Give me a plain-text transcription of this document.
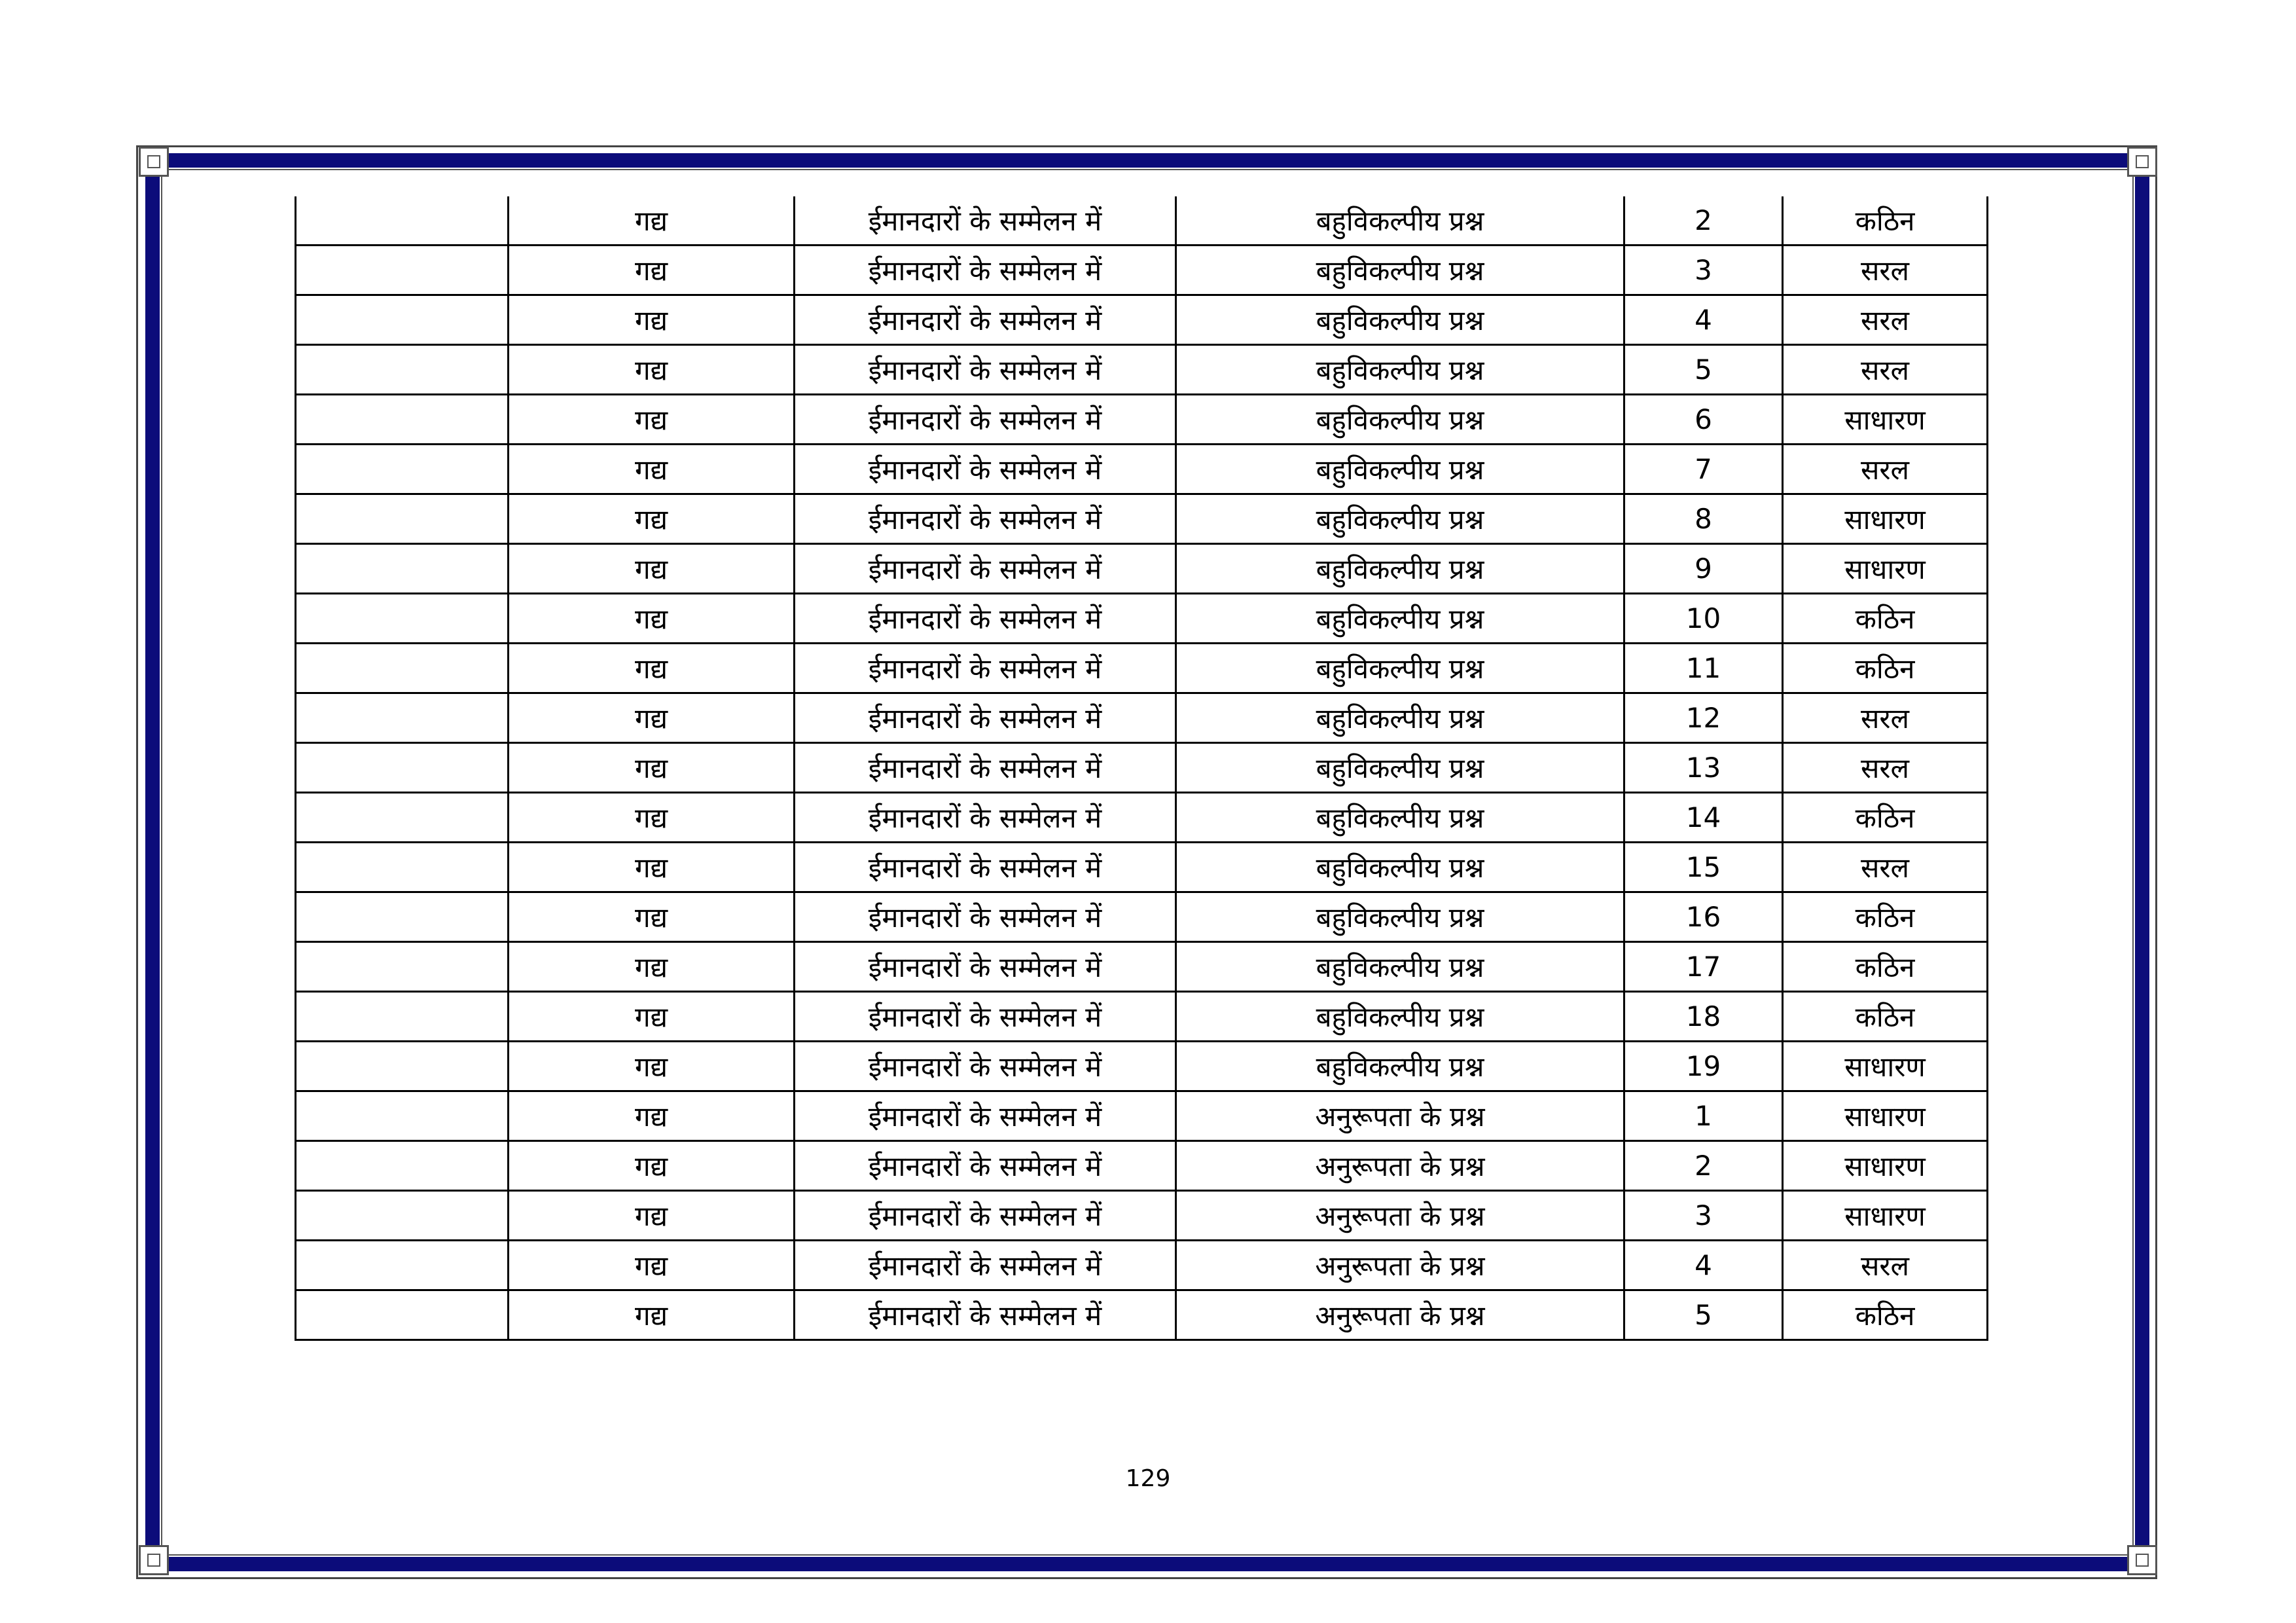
	गद्य	ईमानदारों के सम्मेलन में	बहुविकल्पीय प्रश्न	2	कठिन
	गद्य	ईमानदारों के सम्मेलन में	बहुविकल्पीय प्रश्न	3	सरल
	गद्य	ईमानदारों के सम्मेलन में	बहुविकल्पीय प्रश्न	4	सरल
	गद्य	ईमानदारों के सम्मेलन में	बहुविकल्पीय प्रश्न	5	सरल
	गद्य	ईमानदारों के सम्मेलन में	बहुविकल्पीय प्रश्न	6	साधारण
	गद्य	ईमानदारों के सम्मेलन में	बहुविकल्पीय प्रश्न	7	सरल
	गद्य	ईमानदारों के सम्मेलन में	बहुविकल्पीय प्रश्न	8	साधारण
	गद्य	ईमानदारों के सम्मेलन में	बहुविकल्पीय प्रश्न	9	साधारण
	गद्य	ईमानदारों के सम्मेलन में	बहुविकल्पीय प्रश्न	10	कठिन
	गद्य	ईमानदारों के सम्मेलन में	बहुविकल्पीय प्रश्न	11	कठिन
	गद्य	ईमानदारों के सम्मेलन में	बहुविकल्पीय प्रश्न	12	सरल
	गद्य	ईमानदारों के सम्मेलन में	बहुविकल्पीय प्रश्न	13	सरल
	गद्य	ईमानदारों के सम्मेलन में	बहुविकल्पीय प्रश्न	14	कठिन
	गद्य	ईमानदारों के सम्मेलन में	बहुविकल्पीय प्रश्न	15	सरल
	गद्य	ईमानदारों के सम्मेलन में	बहुविकल्पीय प्रश्न	16	कठिन
	गद्य	ईमानदारों के सम्मेलन में	बहुविकल्पीय प्रश्न	17	कठिन
	गद्य	ईमानदारों के सम्मेलन में	बहुविकल्पीय प्रश्न	18	कठिन
	गद्य	ईमानदारों के सम्मेलन में	बहुविकल्पीय प्रश्न	19	साधारण
	गद्य	ईमानदारों के सम्मेलन में	अनुरूपता के प्रश्न	1	साधारण
	गद्य	ईमानदारों के सम्मेलन में	अनुरूपता के प्रश्न	2	साधारण
	गद्य	ईमानदारों के सम्मेलन में	अनुरूपता के प्रश्न	3	साधारण
	गद्य	ईमानदारों के सम्मेलन में	अनुरूपता के प्रश्न	4	सरल
	गद्य	ईमानदारों के सम्मेलन में	अनुरूपता के प्रश्न	5	कठिन
129
